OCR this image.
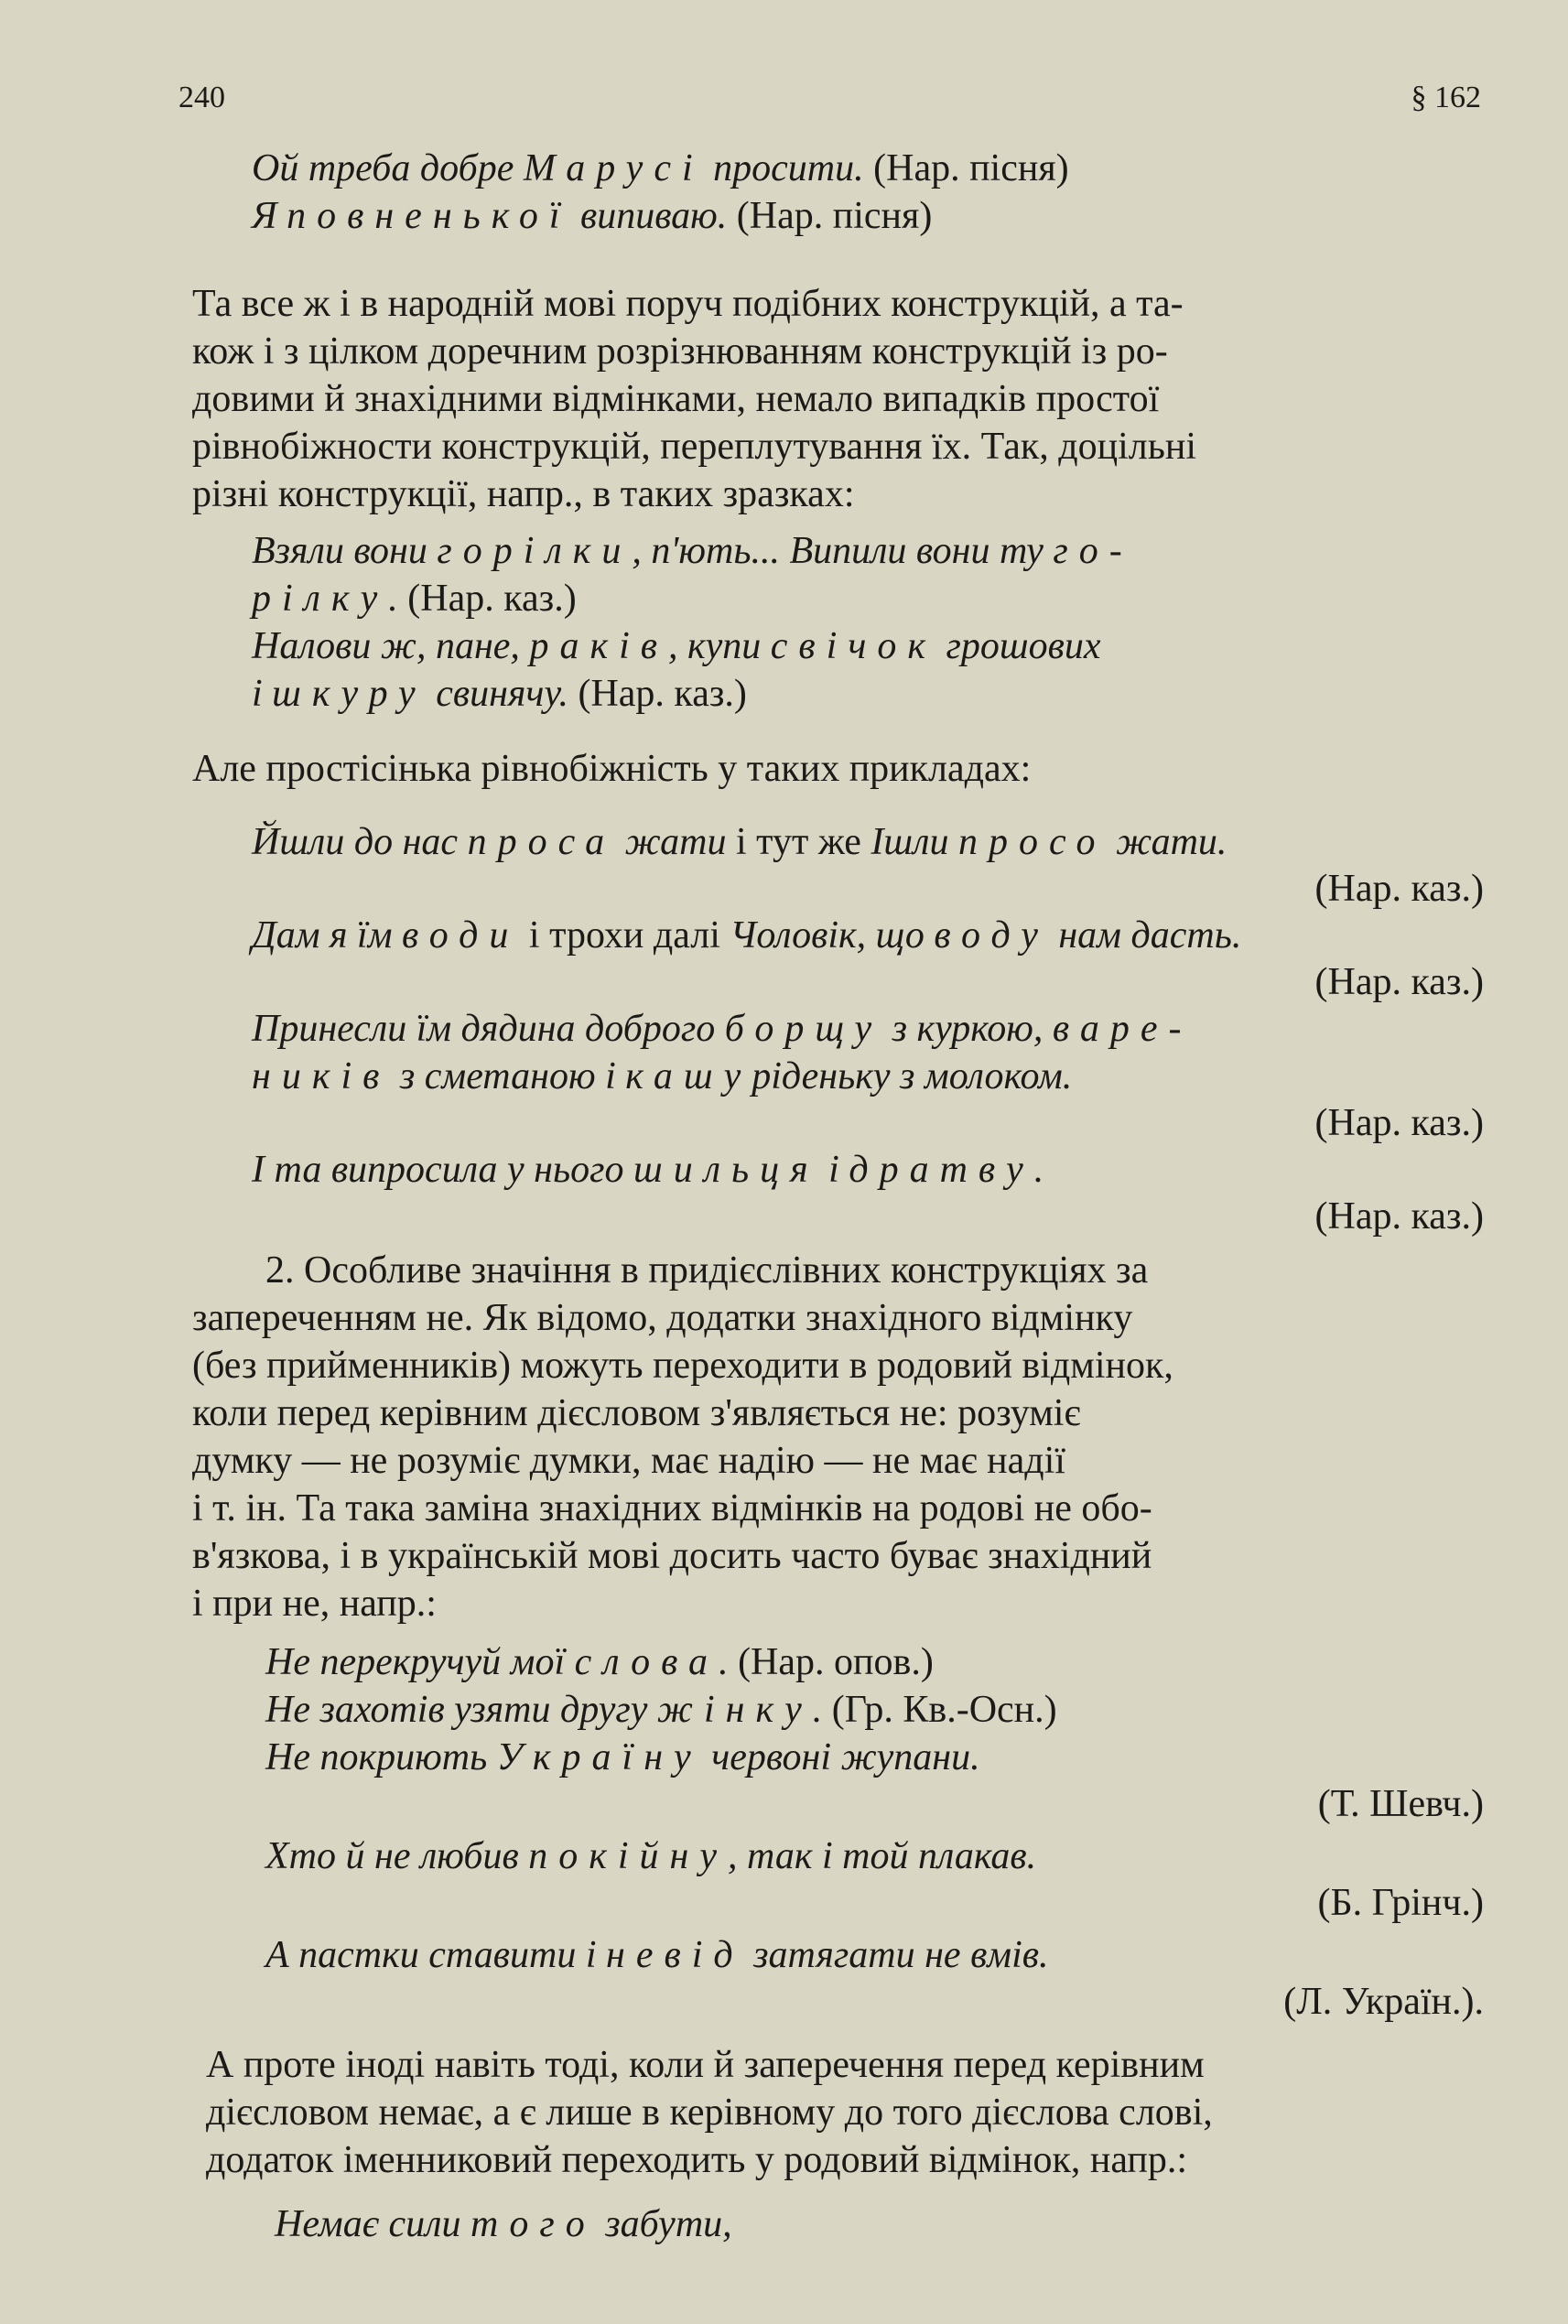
240	§ 162
Ой треба добре Марусі просити. (Нар. пісня)
Я повненької випиваю. (Нар. пісня)
Та все ж і в народній мові поруч подібних конструкцій, а та-
кож і з цілком доречним розрізнюванням конструкцій із ро-
довими й знахідними відмінками, немало випадків простої
рівнобіжности конструкцій, переплутування їх. Так, доцільні
різні конструкції, напр., в таких зразках:
Взяли вони горілки, п'ють... Випили вони ту го-
рілку. (Нар. каз.)
Налови ж, пане, раків, купи свічок грошових
і шкуру свинячу. (Нар. каз.)
Але простісінька рівнобіжність у таких прикладах:
Йшли до нас проса жати і тут же Ішли просо жати.
(Нар. каз.)
Дам я їм води і трохи далі Чоловік, що воду нам дасть.
(Нар. каз.)
Принесли їм дядина доброго борщу з куркою, варе-
ників з сметаною і кашуріденьку з молоком.
(Нар. каз.)
І та випросила у нього шильця і дратву.
(Нар. каз.)
2. Особливе значіння в придієслівних конструкціях за
запереченням не. Як відомо, додатки знахідного відмінку
(без прийменників) можуть переходити в родовий відмінок,
коли перед керівним дієсловом з'являється не: розуміє
думку — не розуміє думки, має надію — не має надії
і т. ін. Та така заміна знахідних відмінків на родові не обо-
в'язкова, і в українській мові досить часто буває знахідний
і при не, напр.:
Не перекручуй мої слова. (Нар. опов.)
Не захотів узяти другу жінку. (Гр. Кв.-Осн.)
Не покриють Україну червоні жупани.
(Т. Шевч.)
Хто й не любив покійну, так і той плакав.
(Б. Грінч.)
А пастки ставити і невід затягати не вмів.
(Л. Україн.).
А проте іноді навіть тоді, коли й заперечення перед керівним
дієсловом немає, а є лише в керівному до того дієслова слові,
додаток іменниковий переходить у родовий відмінок, напр.:
Немає сили того забути,
